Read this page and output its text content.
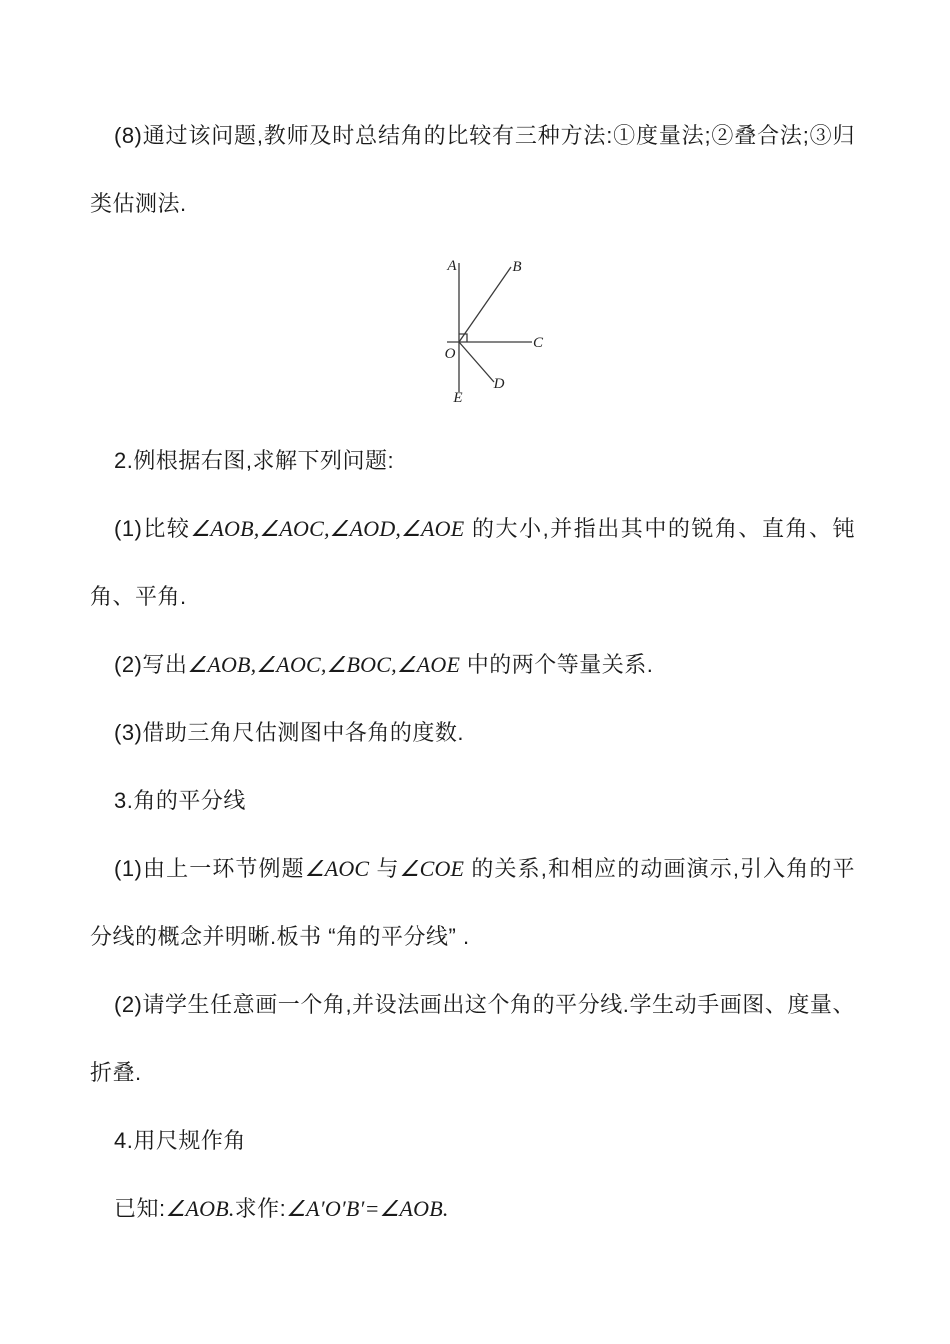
(8)通过该问题,教师及时总结角的比较有三种方法:①度量法;②叠合法;③归类估测法.

A	B
C
O
D
E

2.例根据右图,求解下列问题:

(1)比较∠AOB,∠AOC,∠AOD,∠AOE 的大小,并指出其中的锐角、直角、钝角、平角.

(2)写出∠AOB,∠AOC,∠BOC,∠AOE 中的两个等量关系.

(3)借助三角尺估测图中各角的度数.

3.角的平分线

(1)由上一环节例题∠AOC 与∠COE 的关系,和相应的动画演示,引入角的平分线的概念并明晰.板书 “角的平分线” .

(2)请学生任意画一个角,并设法画出这个角的平分线.学生动手画图、度量、折叠.

4.用尺规作角

已知:∠AOB.求作:∠A′O′B′=∠AOB.
